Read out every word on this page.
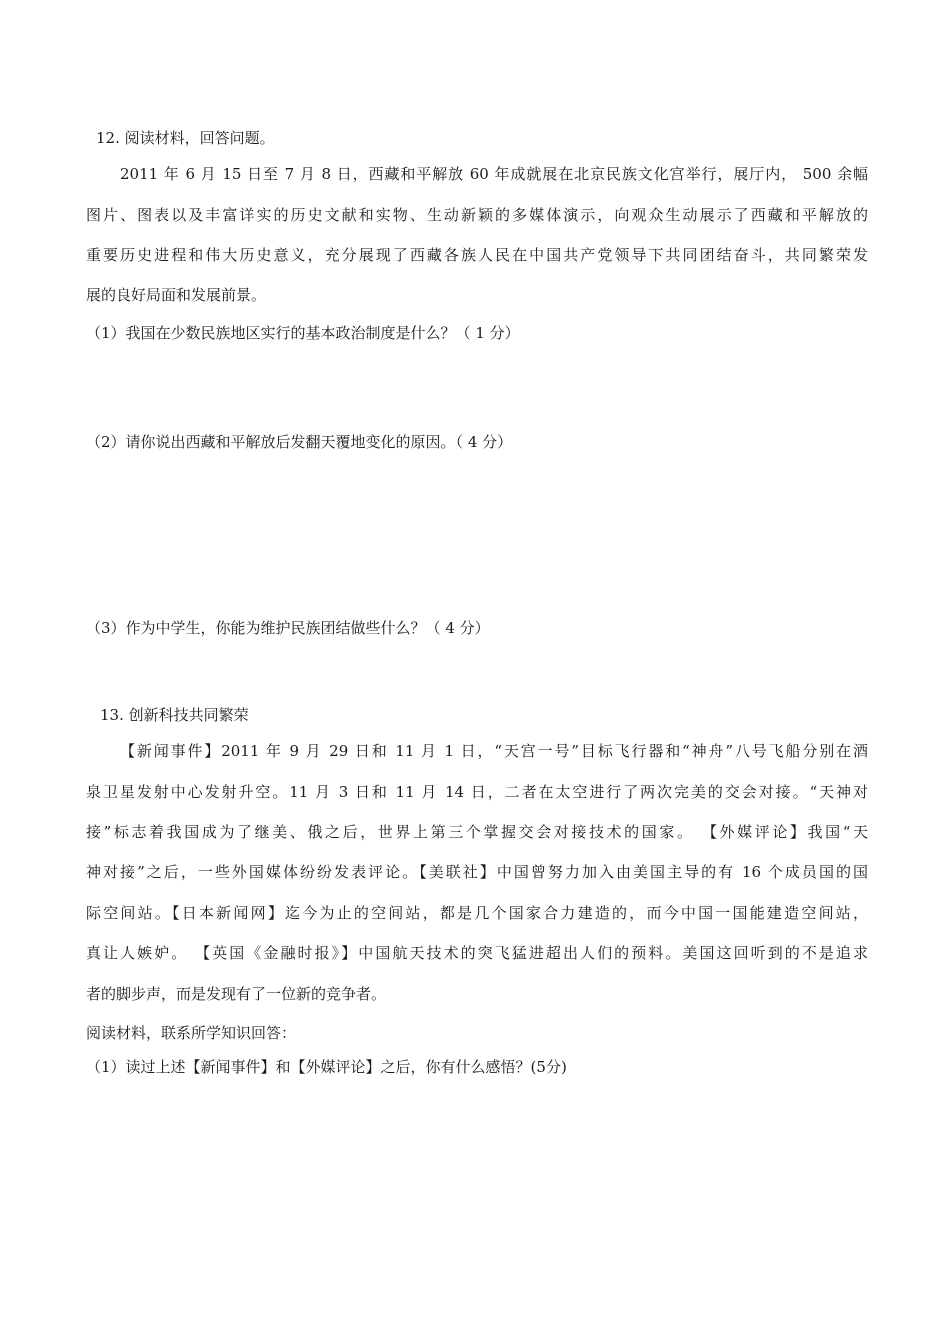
12. 阅读材料，回答问题。
2011 年 6 月 15 日至 7 月 8 日，西藏和平解放 60 年成就展在北京民族文化宫举行，展厅内， 500 余幅
图片、图表以及丰富详实的历史文献和实物、生动新颖的多媒体演示，向观众生动展示了西藏和平解放的
重要历史进程和伟大历史意义，充分展现了西藏各族人民在中国共产党领导下共同团结奋斗，共同繁荣发
展的良好局面和发展前景。
（1）我国在少数民族地区实行的基本政治制度是什么？（ 1 分）
（2）请你说出西藏和平解放后发翻天覆地变化的原因。（ 4 分）
（3）作为中学生，你能为维护民族团结做些什么？（ 4 分）
13. 创新科技共同繁荣
【新闻事件】2011 年 9 月 29 日和 11 月 1 日，“天宫一号”目标飞行器和“神舟”八号飞船分别在酒
泉卫星发射中心发射升空。11 月 3 日和 11 月 14 日，二者在太空进行了两次完美的交会对接。“天神对
接”标志着我国成为了继美、俄之后，世界上第三个掌握交会对接技术的国家。 【外媒评论】我国“天
神对接”之后，一些外国媒体纷纷发表评论。【美联社】中国曾努力加入由美国主导的有 16 个成员国的国
际空间站。【日本新闻网】迄今为止的空间站，都是几个国家合力建造的，而今中国一国能建造空间站，
真让人嫉妒。 【英国《金融时报》】中国航天技术的突飞猛进超出人们的预料。美国这回听到的不是追求
者的脚步声，而是发现有了一位新的竞争者。
阅读材料，联系所学知识回答：
（1）读过上述【新闻事件】和【外媒评论】之后，你有什么感悟？(5分)
